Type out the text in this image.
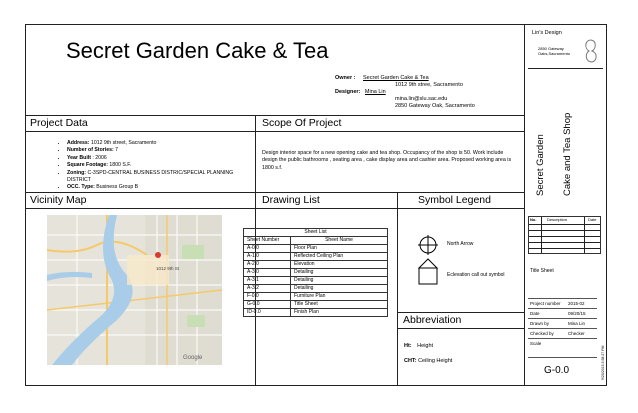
Secret Garden Cake & Tea
Owner : Secret Garden Cake & Tea
1012 9th stree, Sacramento
Designer: Mina Lin
mina.lin@slu.sac.edu
2850 Gateway Oak, Sacramento
Project Data	Scope Of Project
Vicinity Map	Drawing List	Symbol Legend
Abbreviation
• Address: 1012 9th street, Sacramento
• Number of Stories: 7
• Year Built : 2006
• Square Footage: 1800 S.F.
• Zoning: C-3SPD-CENTRAL BUSINESS DISTRIC/SPECIAL PLANNING DISTRICT
• OCC. Type: Business Group B
Design interior space for a new opening cake and tea shop. Occupancy of the shop is 50. Work include design the public bathrooms , seating area , cake display area and cashier area. Proposed working area is 1800 s.f.
1012 9th St
Google
Sheet List	
Sheet Number	Sheet Name
A-0.0	Floor Plan
A-1.0	Reflected Ceiling Plan
A-2.0	Elevation
A-3.0	Detailing
A-3.1	Detailing
A-3.2	Detailing
F-0.0	Furniture Plan
G-0.0	Title Sheet
ID-0.0	Finish Plan
North Arrow
Eclevation call out symbol
Ht: Height
CHT: Ceiling Height
Lin's Design
2850 Gateway
Oaks,Sacramento
Secret Garden Cake and Tea Shop
No.	Description	Date
Title Sheet
Project number 2015-02
Date	09/20/15
Drawn by	Mina Lin
Checked by	Checker
Scale
G-0.0	9/20/2015 3:58:27 PM
